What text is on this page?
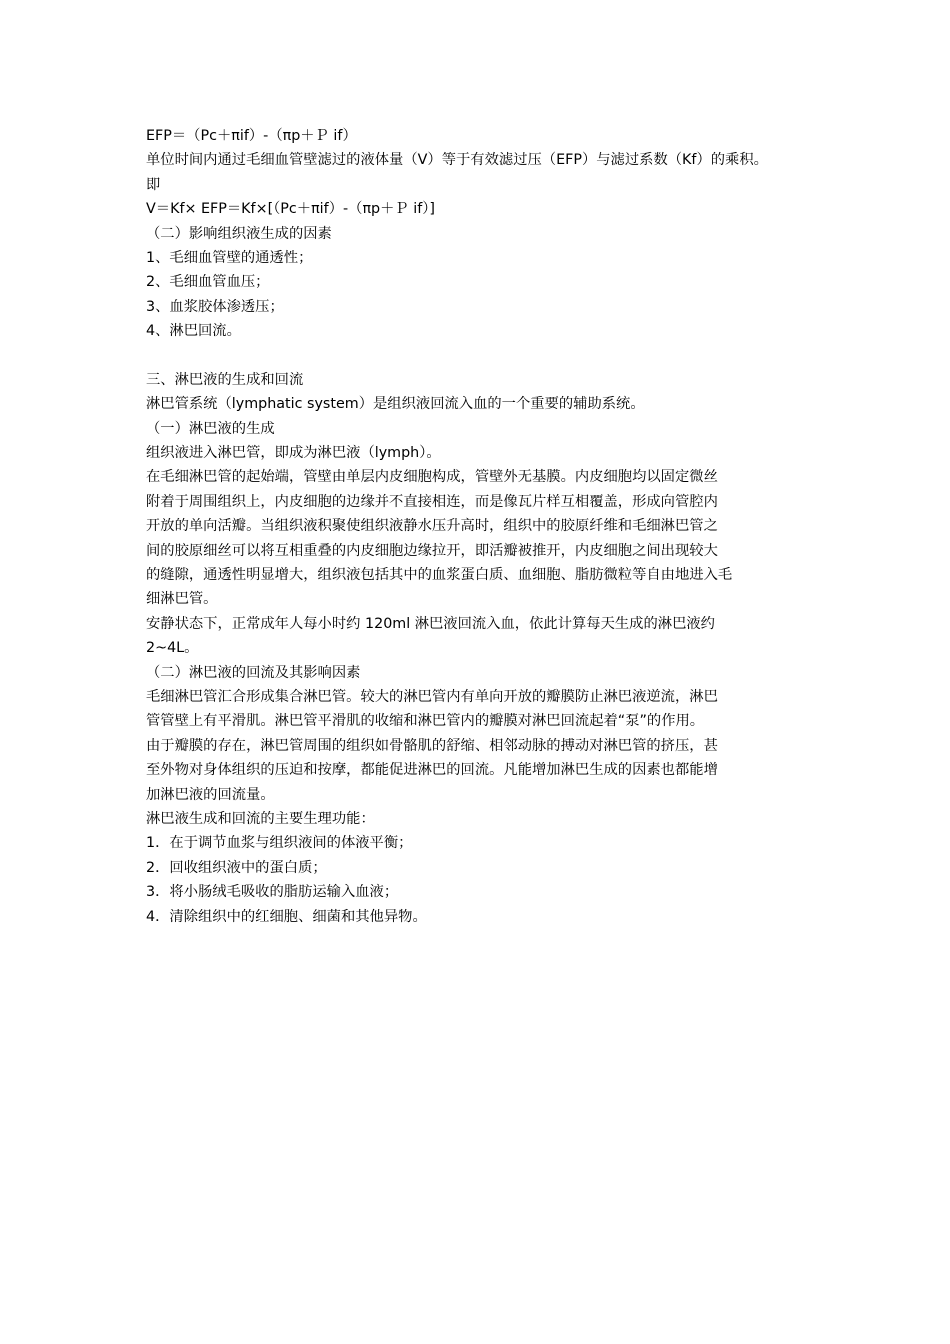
EFP＝（Pc＋πif）-（πp＋Ｐ if）
单位时间内通过毛细血管壁滤过的液体量（V）等于有效滤过压（EFP）与滤过系数（Kf）的乘积。
即
V＝Kf× EFP＝Kf×[（Pc＋πif）-（πp＋Ｐ if）]
（二）影响组织液生成的因素
1、毛细血管壁的通透性；
2、毛细血管血压；
3、血浆胶体渗透压；
4、淋巴回流。
三、淋巴液的生成和回流
淋巴管系统（lymphatic system）是组织液回流入血的一个重要的辅助系统。
（一）淋巴液的生成
组织液进入淋巴管，即成为淋巴液（lymph）。
在毛细淋巴管的起始端，管壁由单层内皮细胞构成，管壁外无基膜。内皮细胞均以固定微丝
附着于周围组织上，内皮细胞的边缘并不直接相连，而是像瓦片样互相覆盖，形成向管腔内
开放的单向活瓣。当组织液积聚使组织液静水压升高时，组织中的胶原纤维和毛细淋巴管之
间的胶原细丝可以将互相重叠的内皮细胞边缘拉开，即活瓣被推开，内皮细胞之间出现较大
的缝隙，通透性明显增大，组织液包括其中的血浆蛋白质、血细胞、脂肪微粒等自由地进入毛
细淋巴管。
安静状态下，正常成年人每小时约 120ml 淋巴液回流入血，依此计算每天生成的淋巴液约
2~4L。
（二）淋巴液的回流及其影响因素
毛细淋巴管汇合形成集合淋巴管。较大的淋巴管内有单向开放的瓣膜防止淋巴液逆流，淋巴
管管壁上有平滑肌。淋巴管平滑肌的收缩和淋巴管内的瓣膜对淋巴回流起着“泵”的作用。
由于瓣膜的存在，淋巴管周围的组织如骨骼肌的舒缩、相邻动脉的搏动对淋巴管的挤压，甚
至外物对身体组织的压迫和按摩，都能促进淋巴的回流。凡能增加淋巴生成的因素也都能增
加淋巴液的回流量。
淋巴液生成和回流的主要生理功能：
1．在于调节血浆与组织液间的体液平衡；
2．回收组织液中的蛋白质；
3．将小肠绒毛吸收的脂肪运输入血液；
4．清除组织中的红细胞、细菌和其他异物。
